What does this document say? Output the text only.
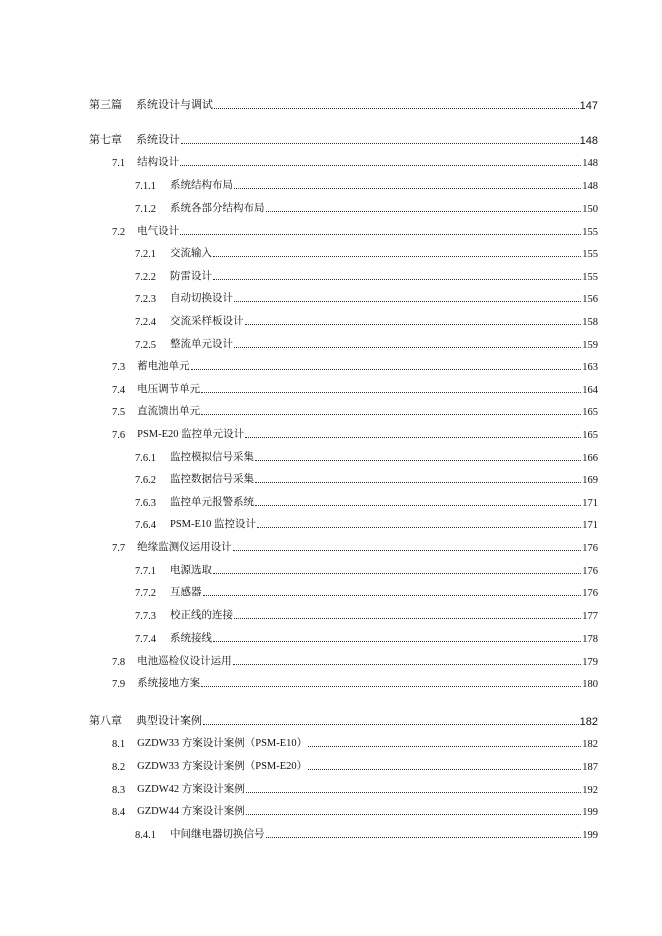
第三篇 系统设计与调试	147
第七章 系统设计	148
7.1 结构设计	148
7.1.1 系统结构布局	148
7.1.2 系统各部分结构布局	150
7.2 电气设计	155
7.2.1 交流输入	155
7.2.2 防雷设计	155
7.2.3 自动切换设计	156
7.2.4 交流采样板设计	158
7.2.5 整流单元设计	159
7.3 蓄电池单元	163
7.4 电压调节单元	164
7.5 直流馈出单元	165
7.6 PSM-E20 监控单元设计	165
7.6.1 监控模拟信号采集	166
7.6.2 监控数据信号采集	169
7.6.3 监控单元报警系统	171
7.6.4 PSM-E10 监控设计	171
7.7 绝缘监测仪运用设计	176
7.7.1 电源选取	176
7.7.2 互感器	176
7.7.3 校正线的连接	177
7.7.4 系统接线	178
7.8 电池巡检仪设计运用	179
7.9 系统接地方案	180
第八章 典型设计案例	182
8.1 GZDW33 方案设计案例（PSM-E10）	182
8.2 GZDW33 方案设计案例（PSM-E20）	187
8.3 GZDW42 方案设计案例	192
8.4 GZDW44 方案设计案例	199
8.4.1 中间继电器切换信号	199
